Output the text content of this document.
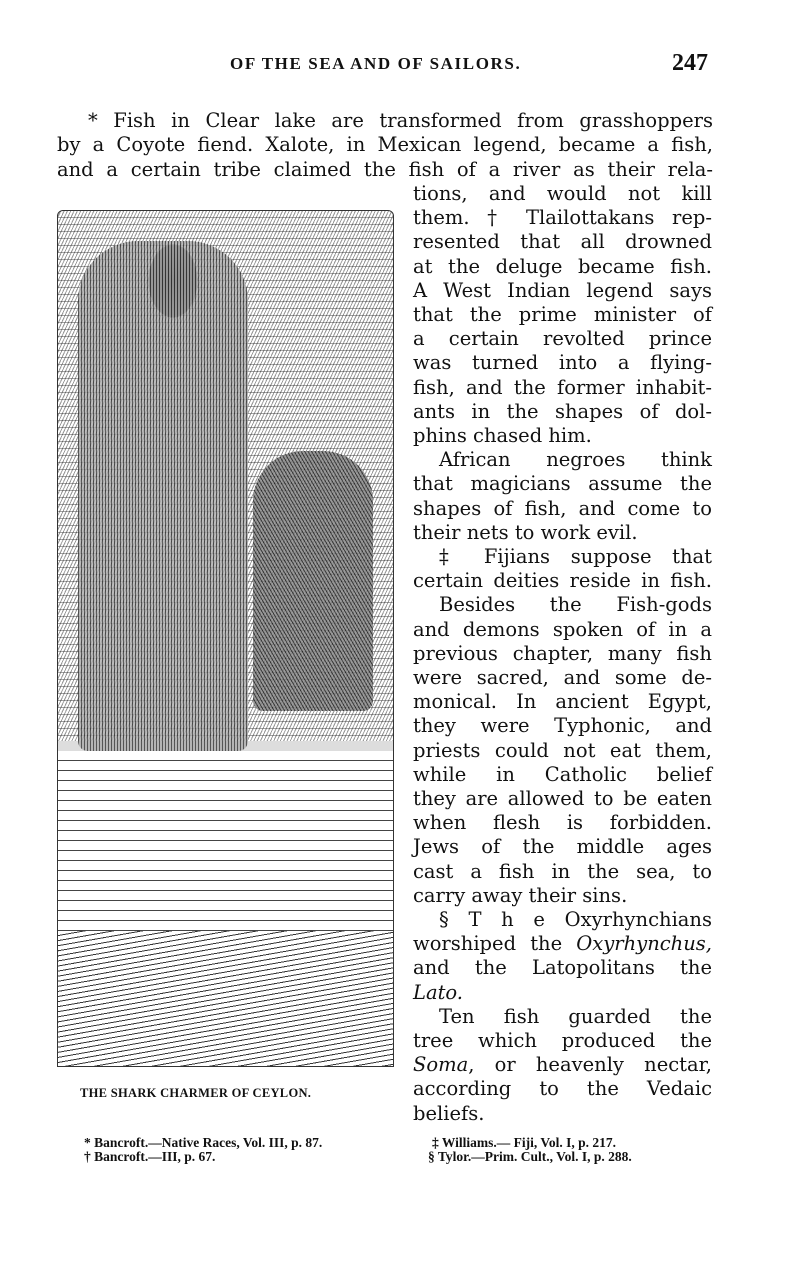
OF THE SEA AND OF SAILORS.	247
* Fish in Clear lake are transformed from grasshoppers
by a Coyote fiend. Xalote, in Mexican legend, became a fish,
and a certain tribe claimed the fish of a river as their rela-
tions, and would not kill
them. † Tlailottakans rep-
resented that all drowned
at the deluge became fish.
A West Indian legend says
that the prime minister of
a certain revolted prince
was turned into a flying-
fish, and the former inhabit-
ants in the shapes of dol-
phins chased him.
African negroes think
that magicians assume the
shapes of fish, and come to
their nets to work evil.
‡ Fijians suppose that
certain deities reside in fish.
Besides the Fish-gods
and demons spoken of in a
previous chapter, many fish
were sacred, and some de-
monical. In ancient Egypt,
they were Typhonic, and
priests could not eat them,
while in Catholic belief
they are allowed to be eaten
when flesh is forbidden.
Jews of the middle ages
cast a fish in the sea, to
carry away their sins.
§ T h e Oxyrhynchians
worshiped the Oxyrhynchus,
and the Latopolitans the
Lato.
Ten fish guarded the
tree which produced the
Soma, or heavenly nectar,
according to the Vedaic
beliefs.
THE SHARK CHARMER OF CEYLON.
* Bancroft.—Native Races, Vol. III, p. 87.
† Bancroft.—III, p. 67.
‡ Williams.— Fiji, Vol. I, p. 217.
§ Tylor.—Prim. Cult., Vol. I, p. 288.
